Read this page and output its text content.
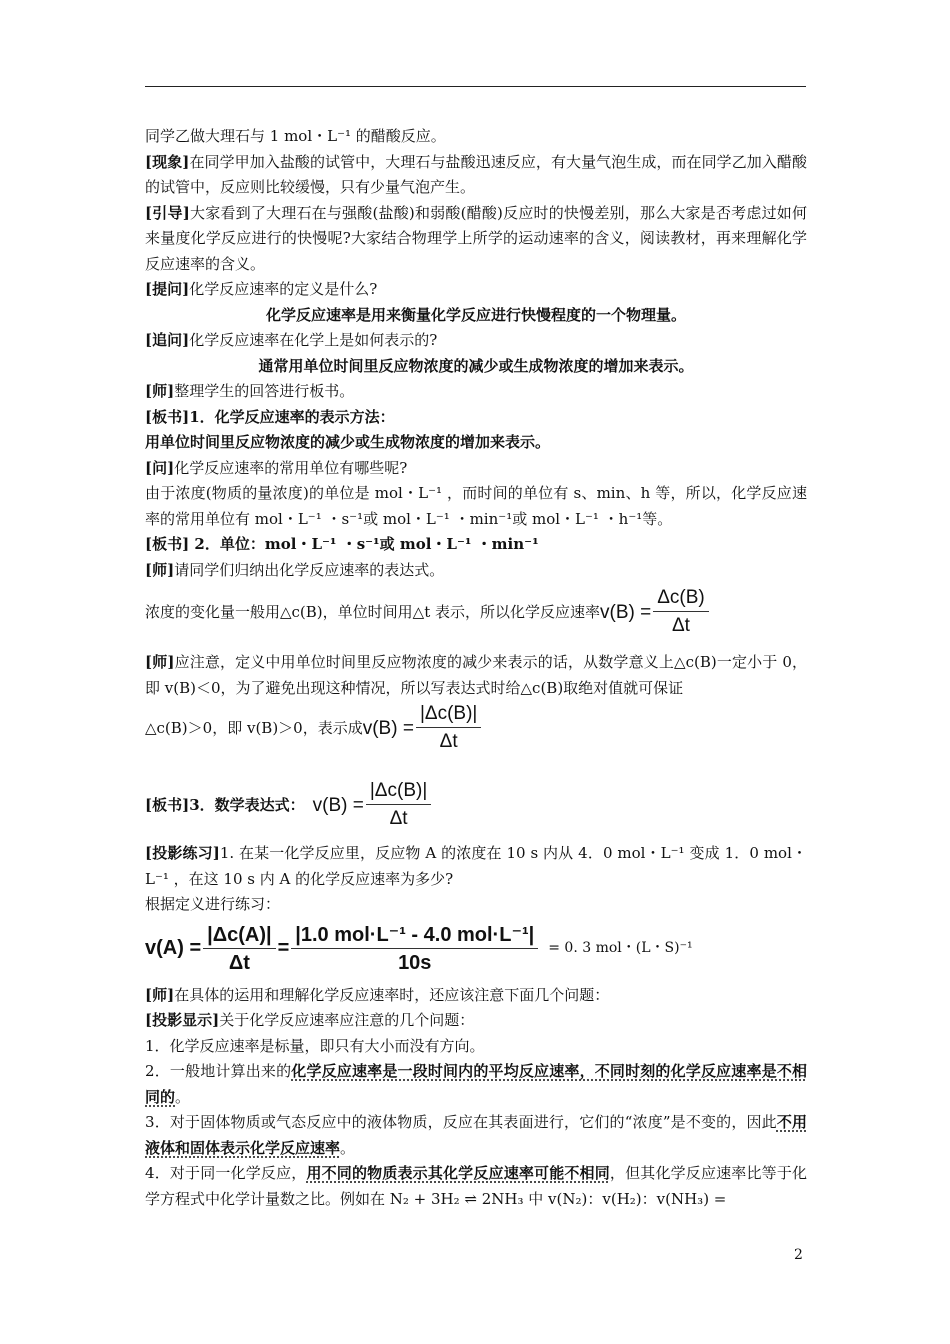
同学乙做大理石与 1 mol・L⁻¹ 的醋酸反应。

[现象]在同学甲加入盐酸的试管中，大理石与盐酸迅速反应，有大量气泡生成，而在同学乙加入醋酸的试管中，反应则比较缓慢，只有少量气泡产生。

[引导]大家看到了大理石在与强酸(盐酸)和弱酸(醋酸)反应时的快慢差别，那么大家是否考虑过如何来量度化学反应进行的快慢呢?大家结合物理学上所学的运动速率的含义，阅读教材，再来理解化学反应速率的含义。

[提问]化学反应速率的定义是什么?

化学反应速率是用来衡量化学反应进行快慢程度的一个物理量。

[追问]化学反应速率在化学上是如何表示的?

通常用单位时间里反应物浓度的减少或生成物浓度的增加来表示。

[师]整理学生的回答进行板书。

[板书]1．化学反应速率的表示方法：

用单位时间里反应物浓度的减少或生成物浓度的增加来表示。

[问]化学反应速率的常用单位有哪些呢?

由于浓度(物质的量浓度)的单位是 mol・L⁻¹ ，而时间的单位有 s、min、h 等，所以，化学反应速率的常用单位有 mol・L⁻¹ ・s⁻¹或 mol・L⁻¹ ・min⁻¹或 mol・L⁻¹ ・h⁻¹等。

[板书] 2．单位：mol・L⁻¹ ・s⁻¹或 mol・L⁻¹ ・min⁻¹

[师]请同学们归纳出化学反应速率的表达式。

浓度的变化量一般用△c(B)，单位时间用△t 表示，所以化学反应速率 $v(B) = \frac{\Delta c(B)}{\Delta t}$

[师]应注意，定义中用单位时间里反应物浓度的减少来表示的话，从数学意义上△c(B)一定小于 0，即 v(B)＜0，为了避免出现这种情况，所以写表达式时给△c(B)取绝对值就可保证

△c(B)＞0，即 v(B)＞0，表示成 $v(B) = \frac{|\Delta c(B)|}{\Delta t}$
[板书] 3．数学表达式： $v(B) = \frac{|\Delta c(B)|}{\Delta t}$

[投影练习]1. 在某一化学反应里，反应物 A 的浓度在 10 s 内从 4．0 mol・L⁻¹ 变成 1．0 mol・L⁻¹ ，在这 10 s 内 A 的化学反应速率为多少?

根据定义进行练习：

$v(A) = \frac{|\Delta c(A)|}{\Delta t} = \frac{\text{|1.0 mol·L⁻¹ - 4.0 mol·L⁻¹|}}{10s} = 0$. 3 mol・(L・S)⁻¹

[师]在具体的运用和理解化学反应速率时，还应该注意下面几个问题：

[投影显示]关于化学反应速率应注意的几个问题：

1．化学反应速率是标量，即只有大小而没有方向。

2．一般地计算出来的化学反应速率是一段时间内的平均反应速率，不同时刻的化学反应速率是不相同的。

3．对于固体物质或气态反应中的液体物质，反应在其表面进行，它们的“浓度”是不变的，因此不用液体和固体表示化学反应速率。

4．对于同一化学反应，用不同的物质表示其化学反应速率可能不相同，但其化学反应速率比等于化学方程式中化学计量数之比。例如在 N₂ + 3H₂ ⇌ 2NH₃ 中 v(N₂)：v(H₂)：v(NH₃) =

2
